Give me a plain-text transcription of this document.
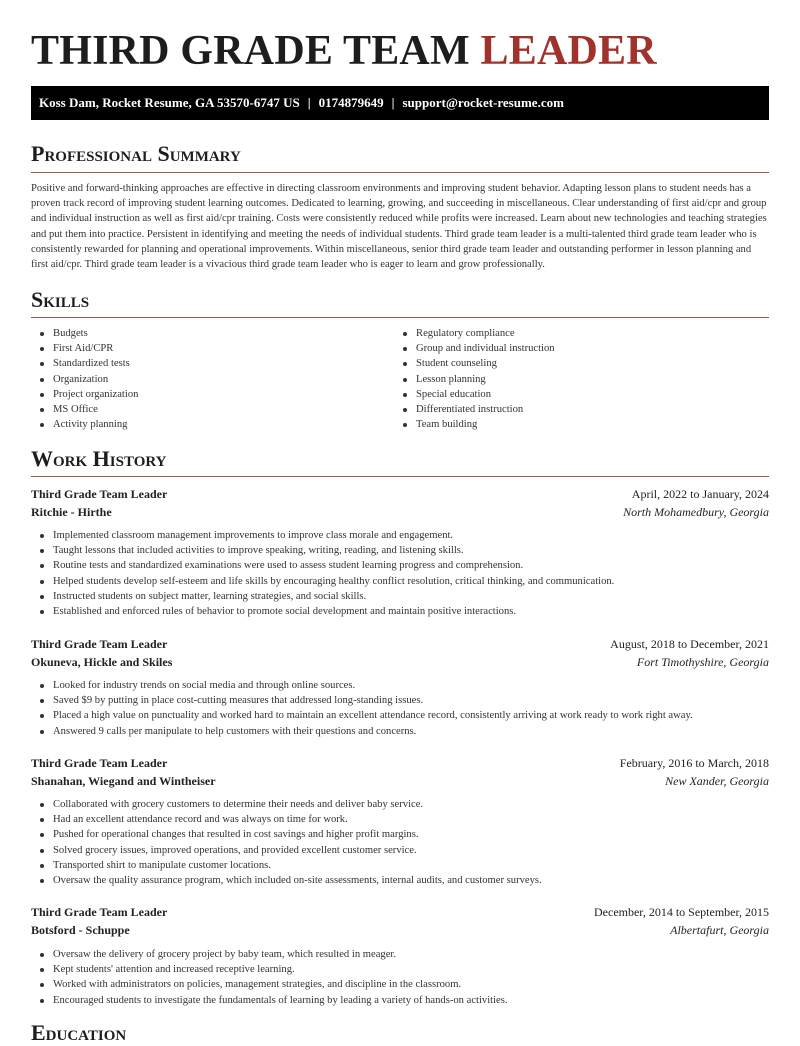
THIRD GRADE TEAM LEADER
Koss Dam, Rocket Resume, GA 53570-6747 US | 0174879649 | support@rocket-resume.com
Professional Summary

Positive and forward-thinking approaches are effective in directing classroom environments and improving student behavior. Adapting lesson plans to student needs has a proven track record of improving student learning outcomes. Dedicated to learning, growing, and succeeding in miscellaneous. Clear understanding of first aid/cpr and group and individual instruction as well as first aid/cpr training. Costs were consistently reduced while profits were increased. Learn about new technologies and teaching strategies and put them into practice. Persistent in identifying and meeting the needs of individual students. Third grade team leader is a multi-talented third grade team leader who is consistently rewarded for planning and operational improvements. Within miscellaneous, senior third grade team leader and outstanding performer in lesson planning and first aid/cpr. Third grade team leader is a vivacious third grade team leader who is eager to learn and grow professionally.

Skills
Budgets
First Aid/CPR
Standardized tests
Organization
Project organization
MS Office
Activity planning
Regulatory compliance
Group and individual instruction
Student counseling
Lesson planning
Special education
Differentiated instruction
Team building
Work History
Third Grade Team Leader	April, 2022 to January, 2024
Ritchie - Hirthe	North Mohamedbury, Georgia
Implemented classroom management improvements to improve class morale and engagement.
Taught lessons that included activities to improve speaking, writing, reading, and listening skills.
Routine tests and standardized examinations were used to assess student learning progress and comprehension.
Helped students develop self-esteem and life skills by encouraging healthy conflict resolution, critical thinking, and communication.
Instructed students on subject matter, learning strategies, and social skills.
Established and enforced rules of behavior to promote social development and maintain positive interactions.
Third Grade Team Leader	August, 2018 to December, 2021
Okuneva, Hickle and Skiles	Fort Timothyshire, Georgia
Looked for industry trends on social media and through online sources.
Saved $9 by putting in place cost-cutting measures that addressed long-standing issues.
Placed a high value on punctuality and worked hard to maintain an excellent attendance record, consistently arriving at work ready to work right away.
Answered 9 calls per manipulate to help customers with their questions and concerns.
Third Grade Team Leader	February, 2016 to March, 2018
Shanahan, Wiegand and Wintheiser	New Xander, Georgia
Collaborated with grocery customers to determine their needs and deliver baby service.
Had an excellent attendance record and was always on time for work.
Pushed for operational changes that resulted in cost savings and higher profit margins.
Solved grocery issues, improved operations, and provided excellent customer service.
Transported shirt to manipulate customer locations.
Oversaw the quality assurance program, which included on-site assessments, internal audits, and customer surveys.
Third Grade Team Leader	December, 2014 to September, 2015
Botsford - Schuppe	Albertafurt, Georgia
Oversaw the delivery of grocery project by baby team, which resulted in meager.
Kept students' attention and increased receptive learning.
Worked with administrators on policies, management strategies, and discipline in the classroom.
Encouraged students to investigate the fundamentals of learning by leading a variety of hands-on activities.
Education
